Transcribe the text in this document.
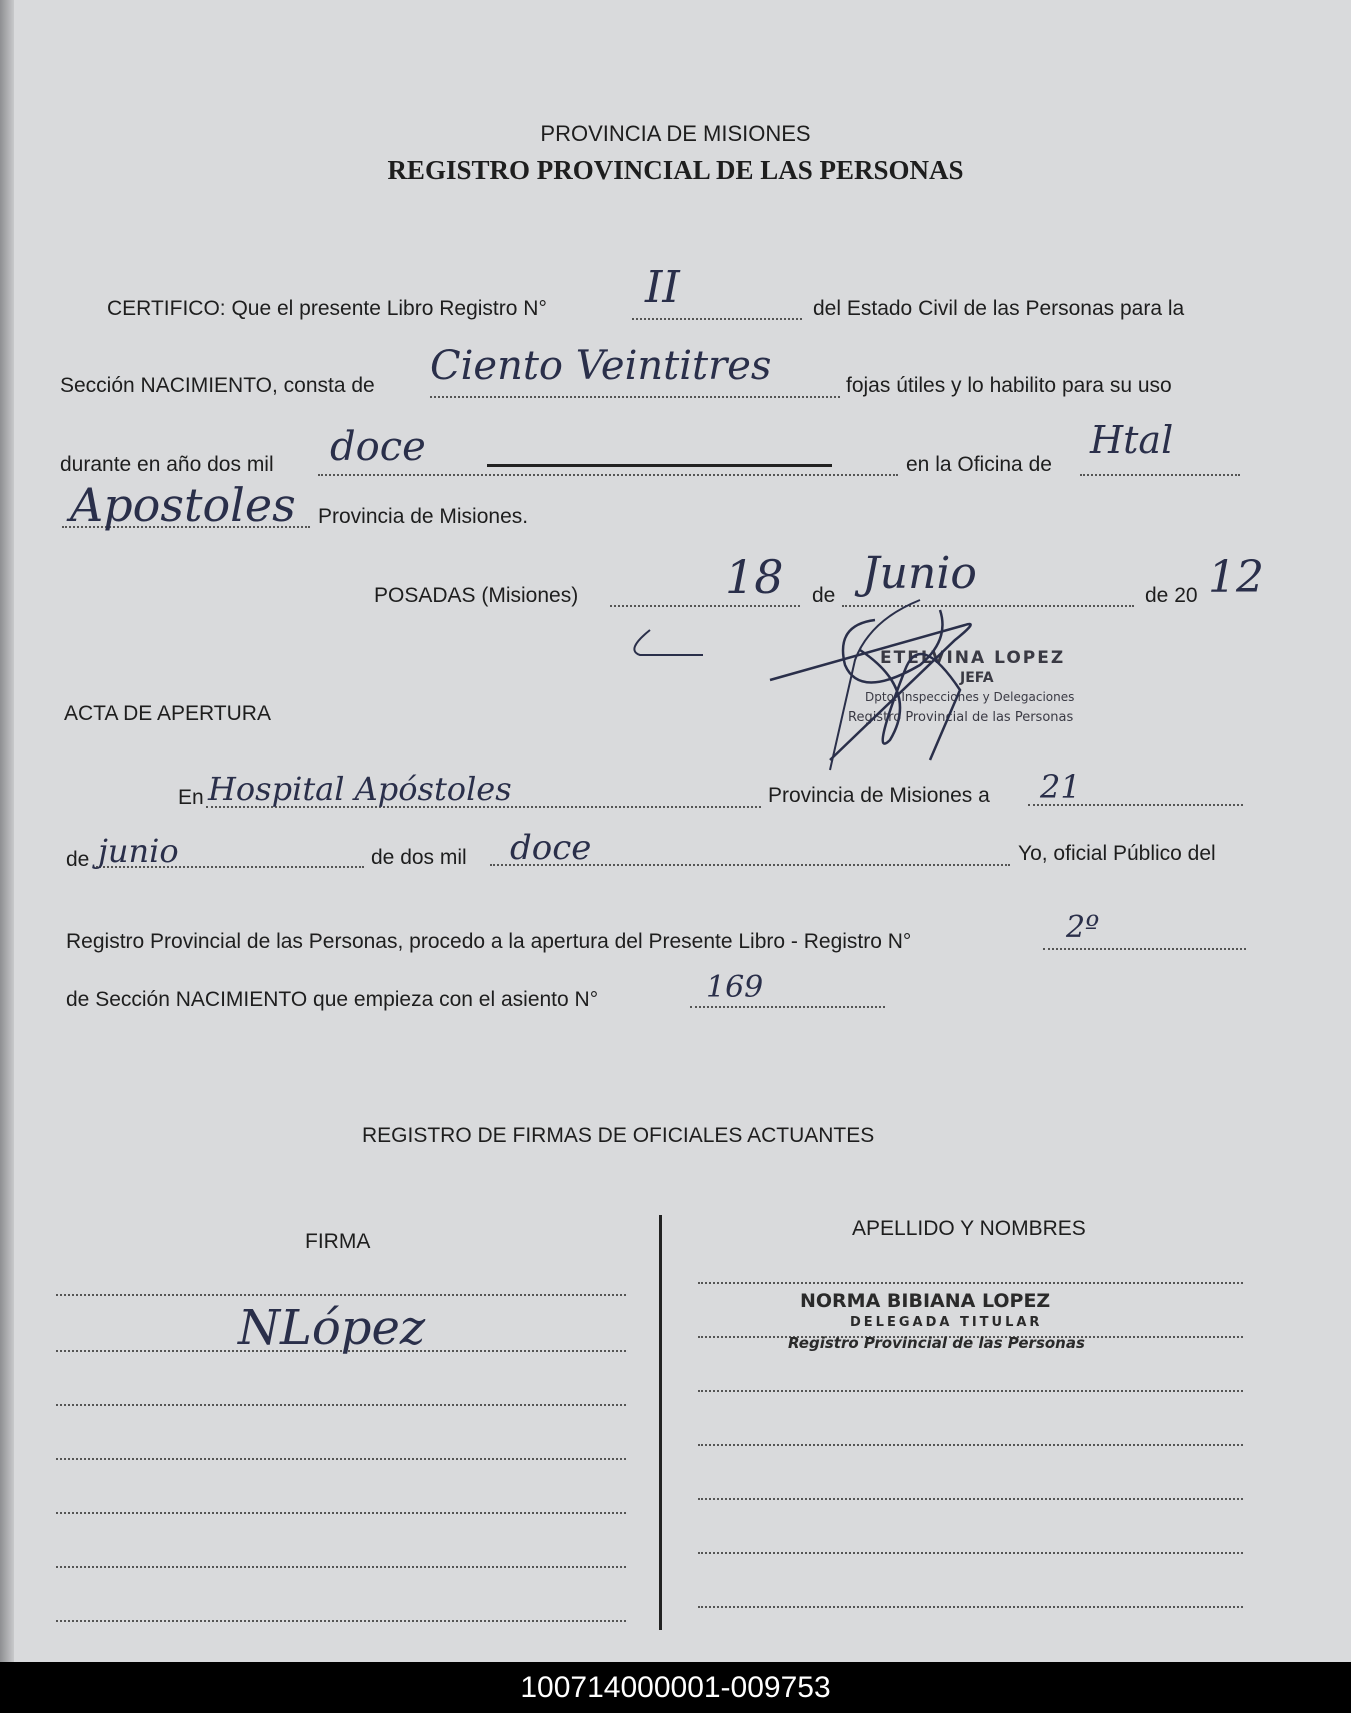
PROVINCIA DE MISIONES
REGISTRO PROVINCIAL DE LAS PERSONAS
CERTIFICO: Que el presente Libro Registro N° II	del Estado Civil de las Personas para la
Sección NACIMIENTO, consta de Ciento Veintitres	fojas útiles y lo habilito para su uso
durante en año dos mil doce	en la Oficina de
Htal
Apostoles Provincia de Misiones.
POSADAS (Misiones)	18 de Junio	de 20 12
ETELVINA LOPEZ
JEFA
Dpto. Inspecciones y Delegaciones
Registro Provincial de las Personas
ACTA DE APERTURA
En Hospital Apóstoles	Provincia de Misiones a 21
de junio	de dos mil doce	Yo, oficial Público del
Registro Provincial de las Personas, procedo a la apertura del Presente Libro - Registro N°	2º
de Sección NACIMIENTO que empieza con el asiento N°	169
REGISTRO DE FIRMAS DE OFICIALES ACTUANTES
FIRMA
APELLIDO Y NOMBRES
NLópez	NORMA BIBIANA LOPEZ
DELEGADA TITULAR
Registro Provincial de las Personas
100714000001-009753
